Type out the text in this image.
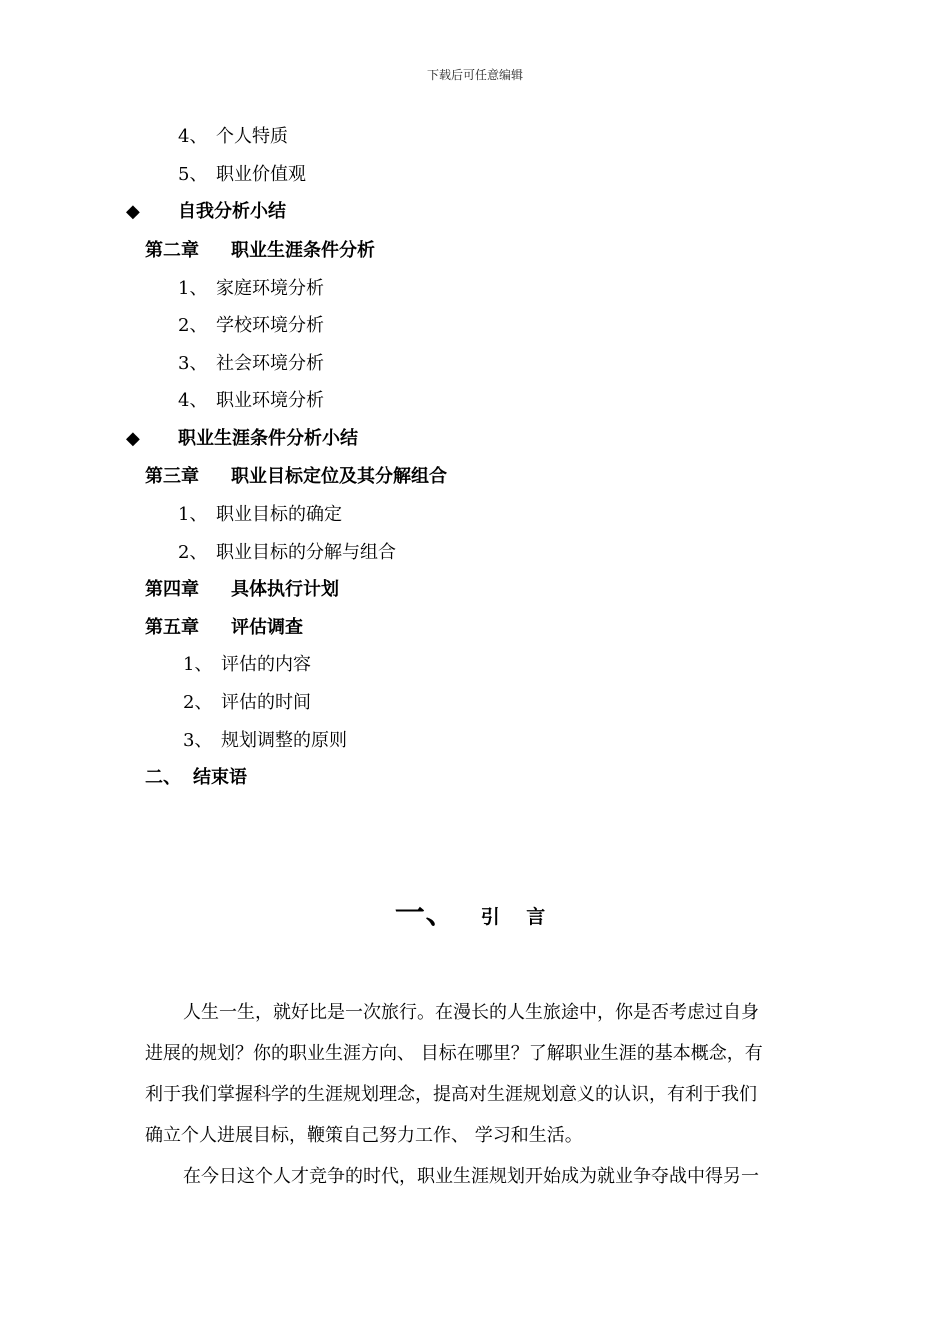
下载后可任意编辑
4、 个人特质
5、 职业价值观
◆ 自我分析小结
第二章 职业生涯条件分析
1、 家庭环境分析
2、 学校环境分析
3、 社会环境分析
4、 职业环境分析
◆ 职业生涯条件分析小结
第三章 职业目标定位及其分解组合
1、 职业目标的确定
2、 职业目标的分解与组合
第四章 具体执行计划
第五章 评估调查
1、 评估的内容
2、 评估的时间
3、 规划调整的原则
二、 结束语
一、 引 言
人生一生，就好比是一次旅行。在漫长的人生旅途中，你是否考虑过自身
进展的规划？你的职业生涯方向、 目标在哪里？了解职业生涯的基本概念，有
利于我们掌握科学的生涯规划理念，提高对生涯规划意义的认识，有利于我们
确立个人进展目标，鞭策自己努力工作、 学习和生活。
在今日这个人才竞争的时代，职业生涯规划开始成为就业争夺战中得另一
